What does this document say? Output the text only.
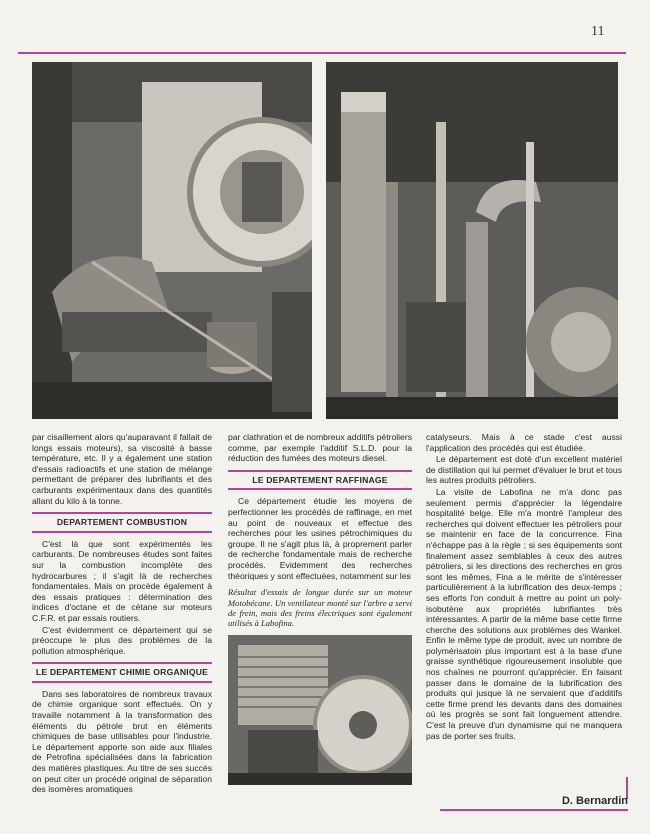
11

par cisaillement alors qu'auparavant il fallait de longs essais moteurs), sa viscosité à basse température, etc. Il y a également une station d'essais radioactifs et une station de mélange permettant de préparer des lubrifiants et des carburants expérimentaux dans des quantités allant du kilo à la tonne.

DEPARTEMENT COMBUSTION

C'est là que sont expérimentés les carburants. De nombreuses études sont faites sur la combustion incomplète des hydrocarbures ; il s'agit là de recherches fondamentales. Mais on procède également à des essais pratiques : détermination des indices d'octane et de cétane sur moteurs C.F.R. et par essais routiers.

C'est évidemment ce département qui se préoccupe le plus des problèmes de la pollution atmosphérique.

LE DEPARTEMENT CHIMIE ORGANIQUE

Dans ses laboratoires de nombreux travaux de chimie organique sont effectués. On y travaille notamment à la transformation des éléments du pétrole brut en éléments chimiques de base utilisables pour l'industrie. Le département apporte son aide aux filiales de Petrofina spécialisées dans la fabrication des matières plastiques. Au titre de ses succès on peut citer un procédé original de séparation des isomères aromatiques

par clathration et de nombreux additifs pétroliers comme, par exemple l'additif S.L.D. pour la réduction des fumées des moteurs diesel.

LE DEPARTEMENT RAFFINAGE

Ce département étudie les moyens de perfectionner les procédés de raffinage, en met au point de nouveaux et effectue des recherches pour les usines pétrochimiques du groupe. Il ne s'agit plus là, à proprement parler de recherche fondamentale mais de recherche procédés. Evidemment des recherches théoriques y sont effectuées, notamment sur les

Résultat d'essais de longue durée sur un moteur Motobécane. Un ventilateur monté sur l'arbre a servi de frein, mais des freins électriques sont également utilisés à Labofina.

catalyseurs. Mais à ce stade c'est aussi l'application des procédés qui est étudiée.

Le département est doté d'un excellent matériel de distillation qui lui permet d'évaluer le brut et tous les autres produits pétroliers.

La visite de Labofina ne m'a donc pas seulement permis d'apprécier la légendaire hospitalité belge. Elle m'a montré l'ampleur des recherches qui doivent effectuer les pétroliers pour se maintenir en face de la concurrence. Fina n'échappe pas à la règle ; si ses équipements sont finalement assez semblables à ceux des autres pétroliers, si les directions des recherches en gros sont les mêmes, Fina a le mérite de s'intéresser particulièrement à la lubrification des deux-temps ; ses efforts l'on conduit à mettre au point un poly-isobutène aux propriétés lubrifiantes très intéressantes. A partir de la même base cette firme cherche des solutions aux problèmes des Wankel. Enfin le même type de produit, avec un nombre de polymérisatoin plus important est à la base d'une graisse synthétique rigoureusement insoluble que nos chaînes ne pourront qu'apprécier. En faisant passer dans le domaine de la lubrification des produits qui jusque là ne servaient que d'additifs cette firme prend les devants dans des domaines où les progrès se sont fait longuement attendre. C'est la preuve d'un dynamisme qui ne manquera pas de porter ses fruits.

D. Bernardin
